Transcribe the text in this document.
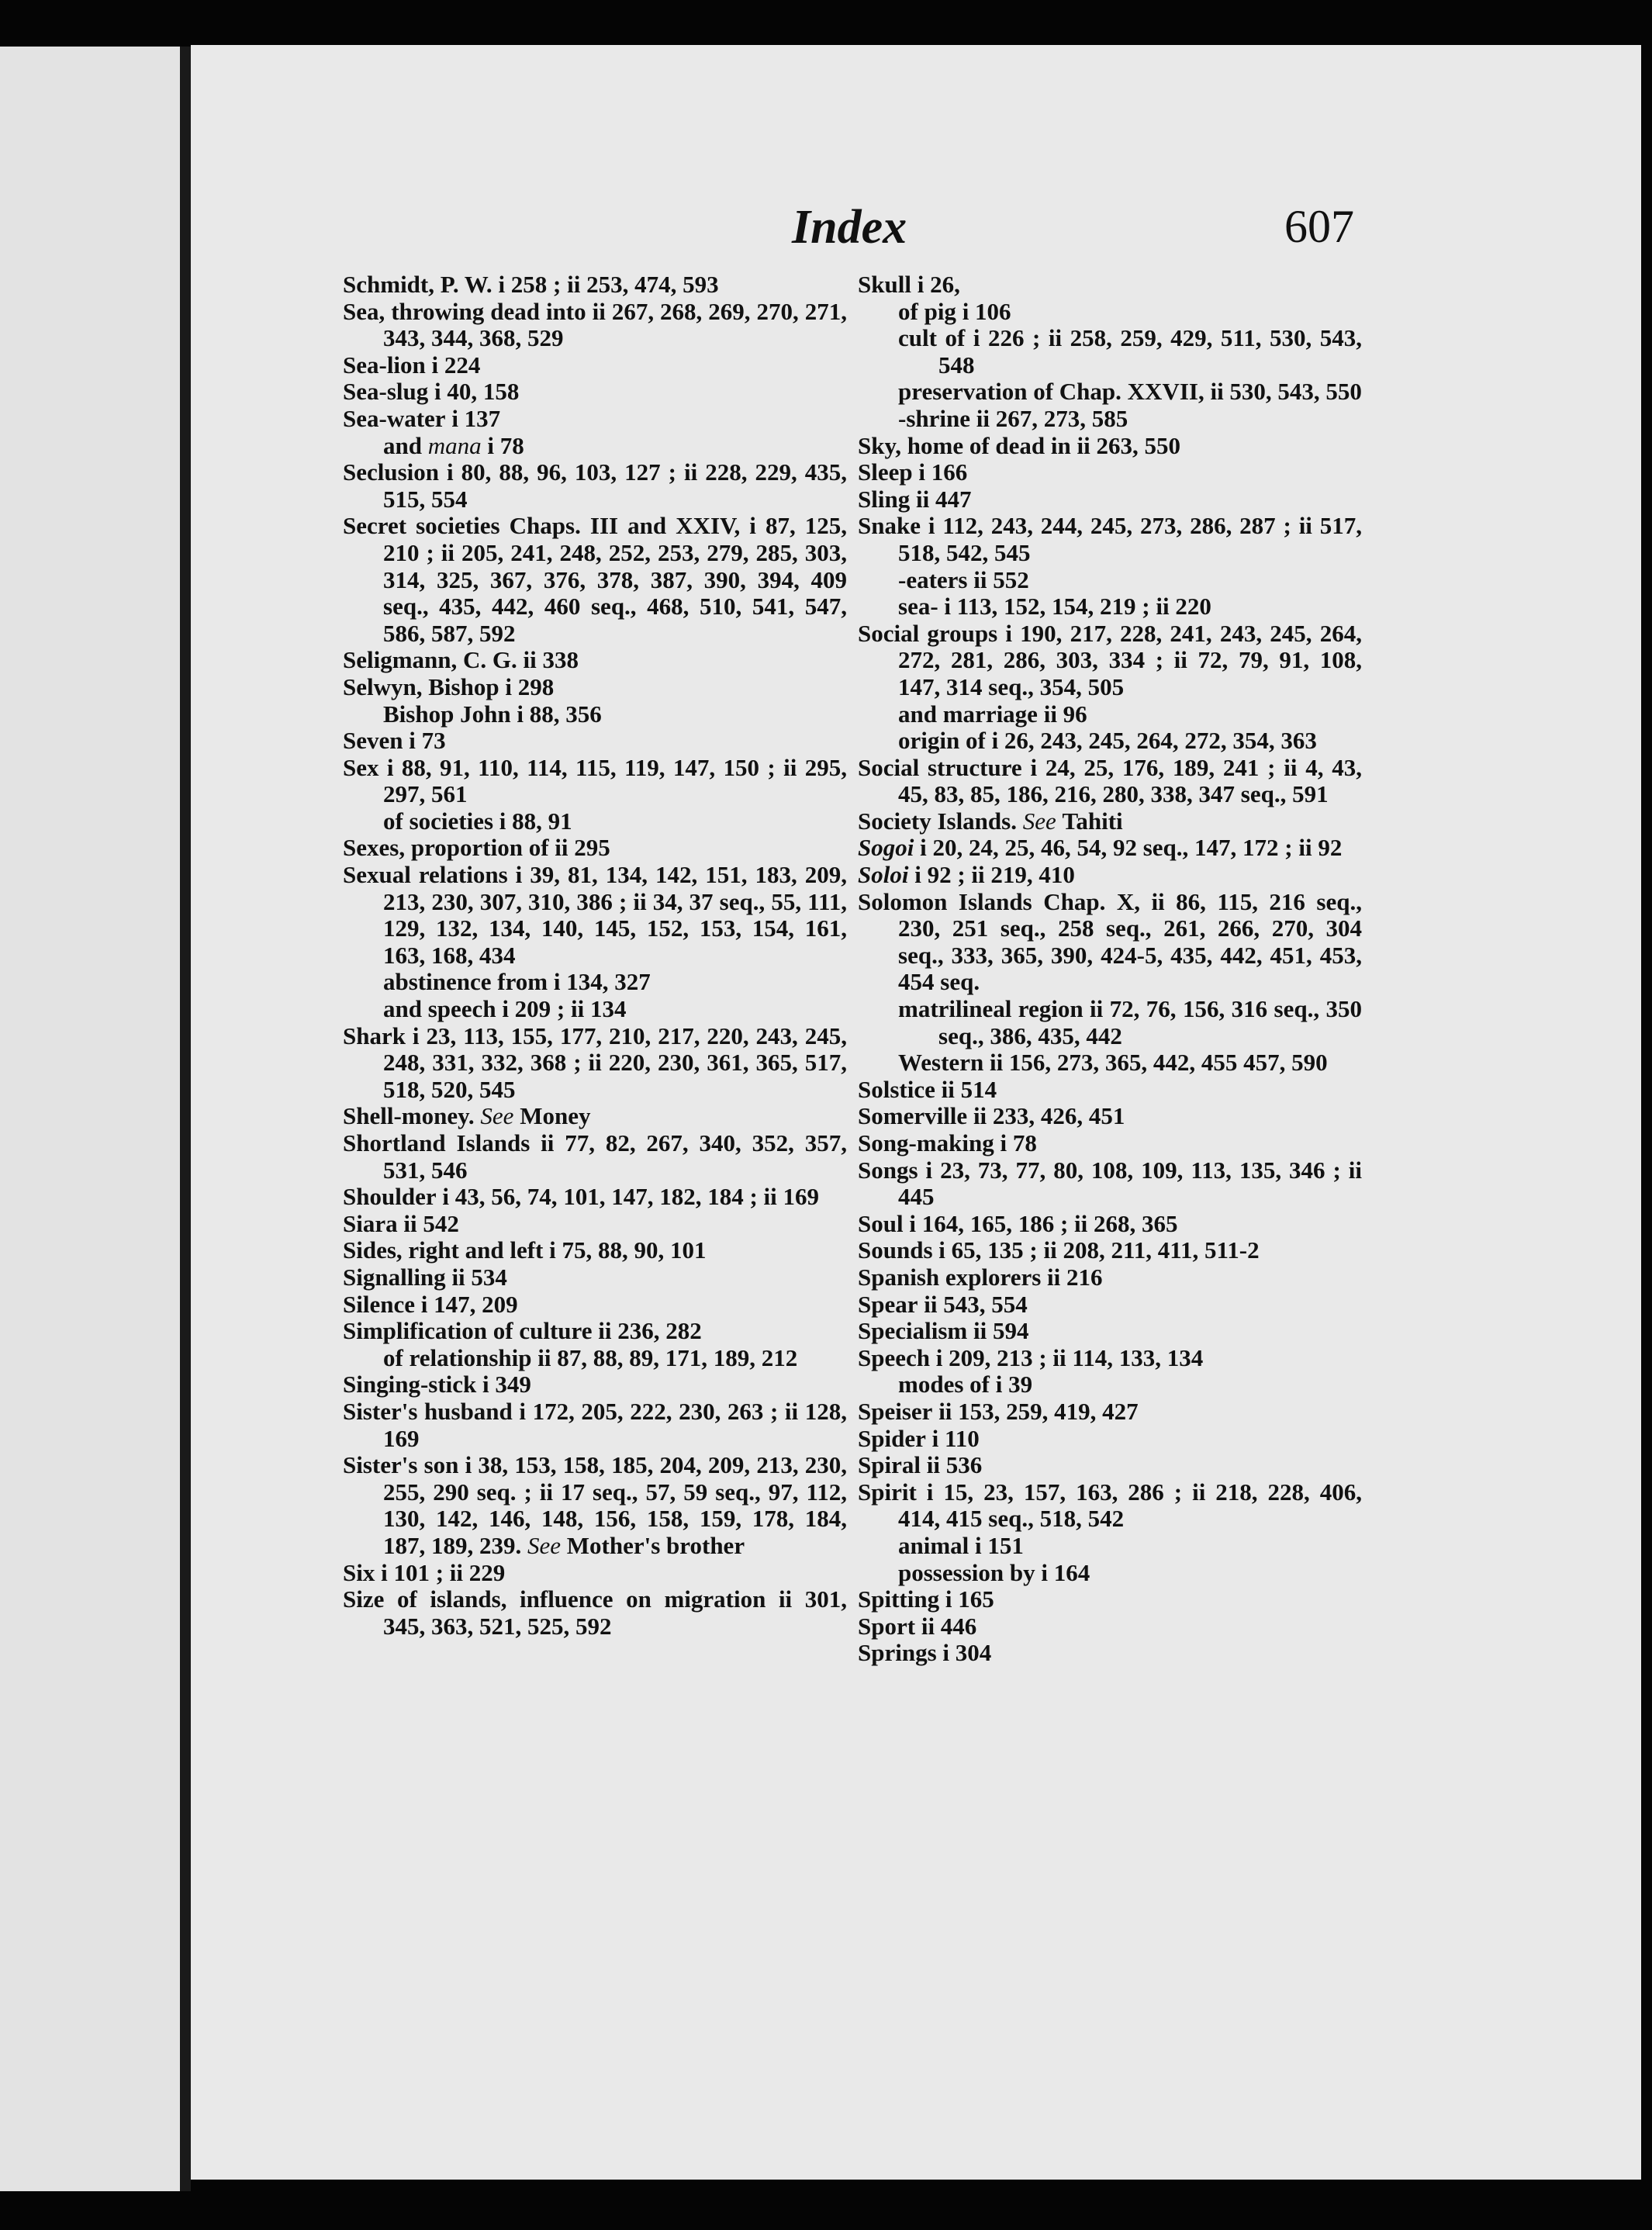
Index	607

Schmidt, P. W. i 258 ; ii 253, 474, 593

Sea, throwing dead into ii 267, 268, 269, 270, 271, 343, 344, 368, 529

Sea-lion i 224

Sea-slug i 40, 158

Sea-water i 137

and mana i 78

Seclusion i 80, 88, 96, 103, 127 ; ii 228, 229, 435, 515, 554

Secret societies Chaps. III and XXIV, i 87, 125, 210 ; ii 205, 241, 248, 252, 253, 279, 285, 303, 314, 325, 367, 376, 378, 387, 390, 394, 409 seq., 435, 442, 460 seq., 468, 510, 541, 547, 586, 587, 592

Seligmann, C. G. ii 338

Selwyn, Bishop i 298

Bishop John i 88, 356

Seven i 73

Sex i 88, 91, 110, 114, 115, 119, 147, 150 ; ii 295, 297, 561

of societies i 88, 91

Sexes, proportion of ii 295

Sexual relations i 39, 81, 134, 142, 151, 183, 209, 213, 230, 307, 310, 386 ; ii 34, 37 seq., 55, 111, 129, 132, 134, 140, 145, 152, 153, 154, 161, 163, 168, 434

abstinence from i 134, 327

and speech i 209 ; ii 134

Shark i 23, 113, 155, 177, 210, 217, 220, 243, 245, 248, 331, 332, 368 ; ii 220, 230, 361, 365, 517, 518, 520, 545

Shell-money. See Money

Shortland Islands ii 77, 82, 267, 340, 352, 357, 531, 546

Shoulder i 43, 56, 74, 101, 147, 182, 184 ; ii 169

Siara ii 542

Sides, right and left i 75, 88, 90, 101

Signalling ii 534

Silence i 147, 209

Simplification of culture ii 236, 282

of relationship ii 87, 88, 89, 171, 189, 212

Singing-stick i 349

Sister's husband i 172, 205, 222, 230, 263 ; ii 128, 169

Sister's son i 38, 153, 158, 185, 204, 209, 213, 230, 255, 290 seq. ; ii 17 seq., 57, 59 seq., 97, 112, 130, 142, 146, 148, 156, 158, 159, 178, 184, 187, 189, 239. See Mother's brother

Six i 101 ; ii 229

Size of islands, influence on migration ii 301, 345, 363, 521, 525, 592

Skull i 26,

of pig i 106

cult of i 226 ; ii 258, 259, 429, 511, 530, 543, 548

preservation of Chap. XXVII, ii 530, 543, 550

-shrine ii 267, 273, 585

Sky, home of dead in ii 263, 550

Sleep i 166

Sling ii 447

Snake i 112, 243, 244, 245, 273, 286, 287 ; ii 517, 518, 542, 545

-eaters ii 552

sea- i 113, 152, 154, 219 ; ii 220

Social groups i 190, 217, 228, 241, 243, 245, 264, 272, 281, 286, 303, 334 ; ii 72, 79, 91, 108, 147, 314 seq., 354, 505

and marriage ii 96

origin of i 26, 243, 245, 264, 272, 354, 363

Social structure i 24, 25, 176, 189, 241 ; ii 4, 43, 45, 83, 85, 186, 216, 280, 338, 347 seq., 591

Society Islands. See Tahiti

Sogoi i 20, 24, 25, 46, 54, 92 seq., 147, 172 ; ii 92

Soloi i 92 ; ii 219, 410

Solomon Islands Chap. X, ii 86, 115, 216 seq., 230, 251 seq., 258 seq., 261, 266, 270, 304 seq., 333, 365, 390, 424-5, 435, 442, 451, 453, 454 seq.

matrilineal region ii 72, 76, 156, 316 seq., 350 seq., 386, 435, 442

Western ii 156, 273, 365, 442, 455 457, 590

Solstice ii 514

Somerville ii 233, 426, 451

Song-making i 78

Songs i 23, 73, 77, 80, 108, 109, 113, 135, 346 ; ii 445

Soul i 164, 165, 186 ; ii 268, 365

Sounds i 65, 135 ; ii 208, 211, 411, 511-2

Spanish explorers ii 216

Spear ii 543, 554

Specialism ii 594

Speech i 209, 213 ; ii 114, 133, 134

modes of i 39

Speiser ii 153, 259, 419, 427

Spider i 110

Spiral ii 536

Spirit i 15, 23, 157, 163, 286 ; ii 218, 228, 406, 414, 415 seq., 518, 542

animal i 151

possession by i 164

Spitting i 165

Sport ii 446

Springs i 304
